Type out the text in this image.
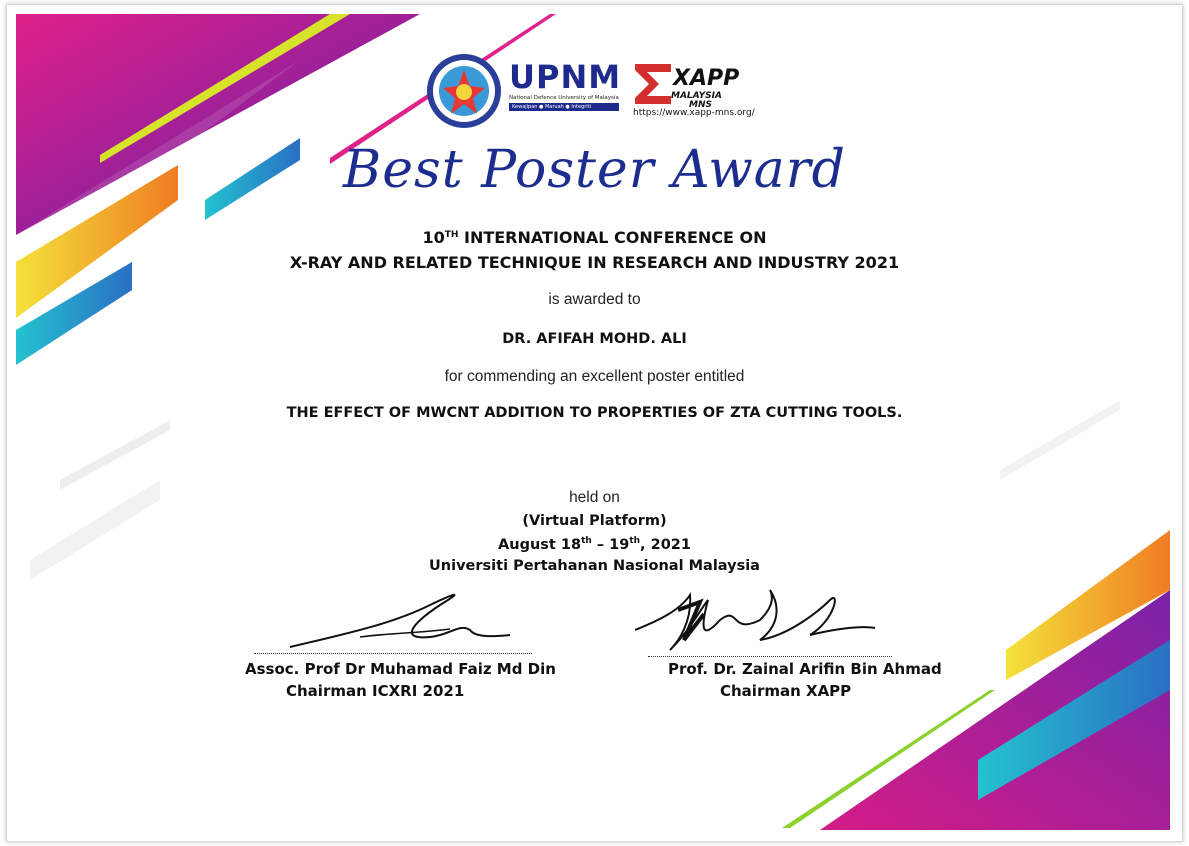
UPNM
National Defence University of Malaysia
Kewajipan ● Maruah ● Integriti
XAPP
MALAYSIA
MNS
https://www.xapp-mns.org/
Best Poster Award
10TH INTERNATIONAL CONFERENCE ON
X-RAY AND RELATED TECHNIQUE IN RESEARCH AND INDUSTRY 2021
is awarded to
DR. AFIFAH MOHD. ALI
for commending an excellent poster entitled
THE EFFECT OF MWCNT ADDITION TO PROPERTIES OF ZTA CUTTING TOOLS.
held on
(Virtual Platform)
August 18th – 19th, 2021
Universiti Pertahanan Nasional Malaysia
Assoc. Prof Dr Muhamad Faiz Md Din
Chairman ICXRI 2021
Prof. Dr. Zainal Arifin Bin Ahmad
Chairman XAPP
